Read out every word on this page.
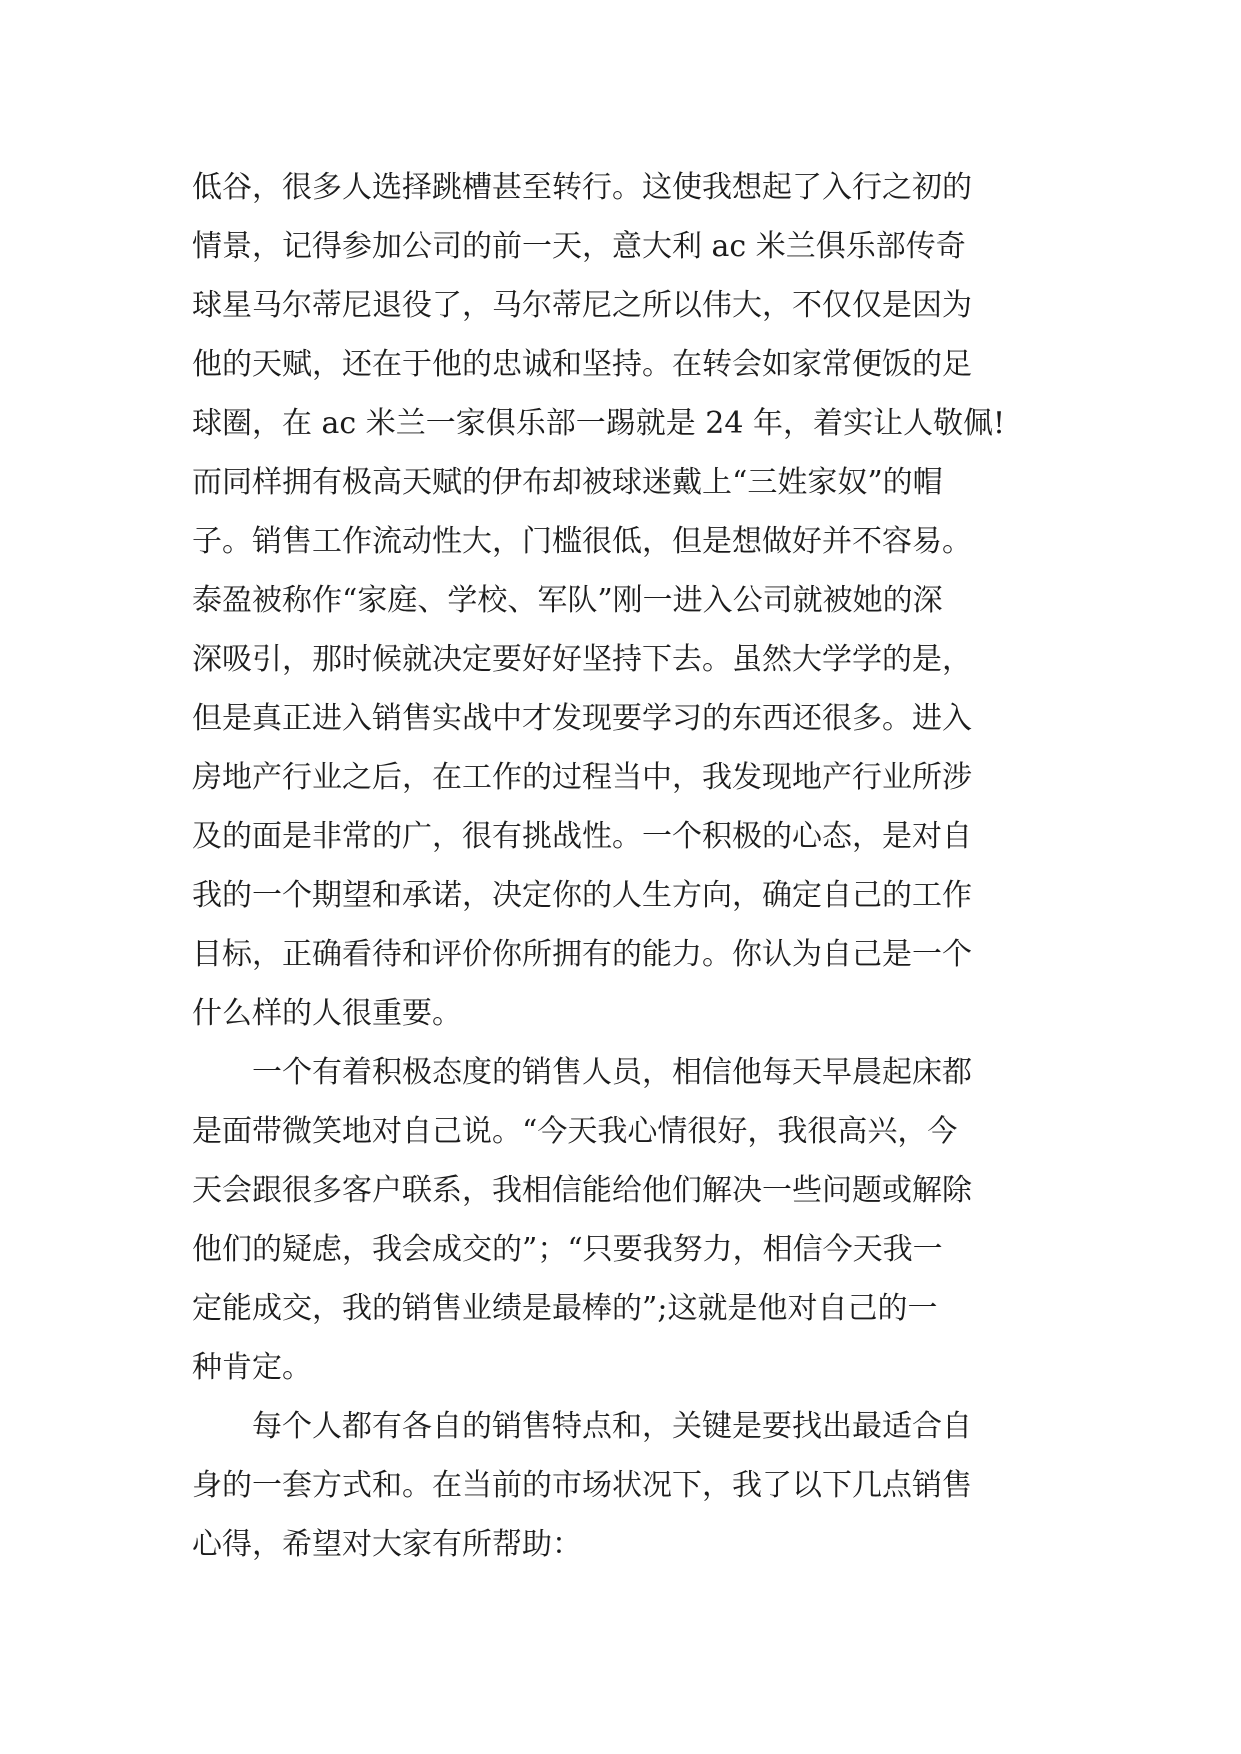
低谷，很多人选择跳槽甚至转行。这使我想起了入行之初的
情景，记得参加公司的前一天，意大利 ac 米兰俱乐部传奇
球星马尔蒂尼退役了，马尔蒂尼之所以伟大，不仅仅是因为
他的天赋，还在于他的忠诚和坚持。在转会如家常便饭的足
球圈，在 ac 米兰一家俱乐部一踢就是 24 年，着实让人敬佩!
而同样拥有极高天赋的伊布却被球迷戴上“三姓家奴”的帽
子。销售工作流动性大，门槛很低，但是想做好并不容易。
泰盈被称作“家庭、学校、军队”刚一进入公司就被她的深
深吸引，那时候就决定要好好坚持下去。虽然大学学的是，
但是真正进入销售实战中才发现要学习的东西还很多。进入
房地产行业之后，在工作的过程当中，我发现地产行业所涉
及的面是非常的广，很有挑战性。一个积极的心态，是对自
我的一个期望和承诺，决定你的人生方向，确定自己的工作
目标，正确看待和评价你所拥有的能力。你认为自己是一个
什么样的人很重要。
一个有着积极态度的销售人员，相信他每天早晨起床都
是面带微笑地对自己说。“今天我心情很好，我很高兴，今
天会跟很多客户联系，我相信能给他们解决一些问题或解除
他们的疑虑，我会成交的”；“只要我努力，相信今天我一
定能成交，我的销售业绩是最棒的”;这就是他对自己的一
种肯定。
每个人都有各自的销售特点和，关键是要找出最适合自
身的一套方式和。在当前的市场状况下，我了以下几点销售
心得，希望对大家有所帮助：
